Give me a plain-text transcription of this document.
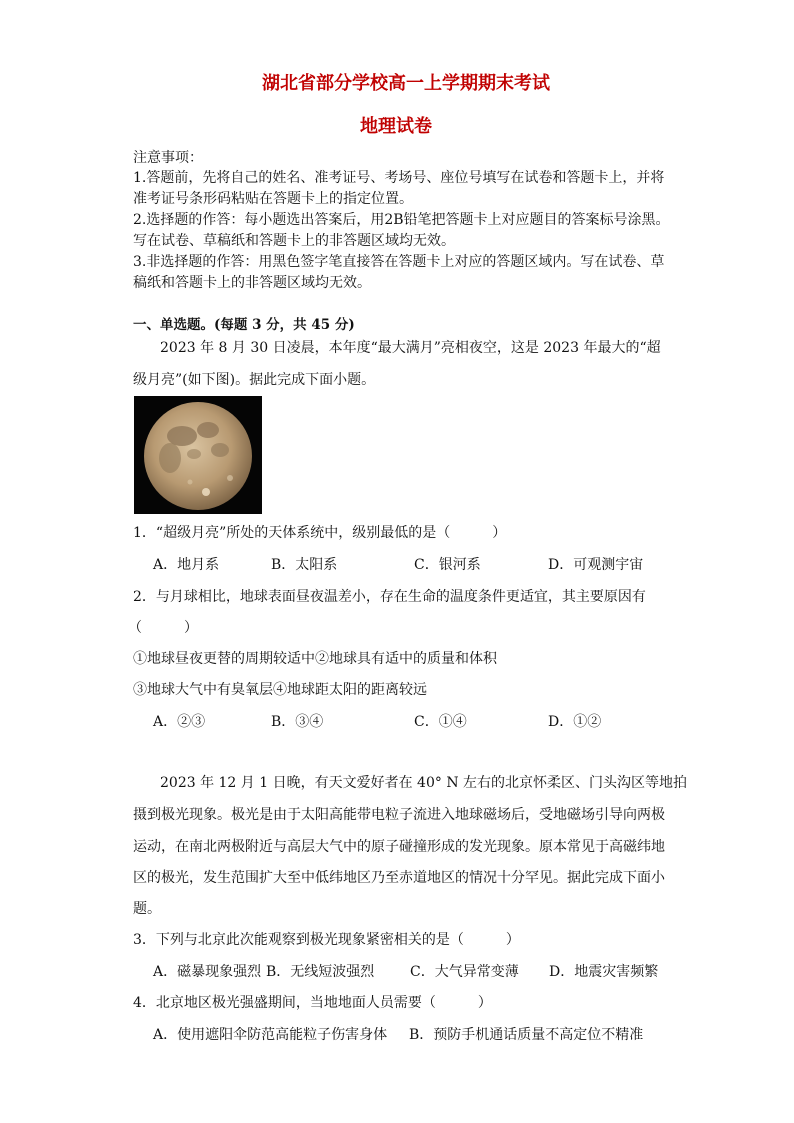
湖北省部分学校高一上学期期末考试
地理试卷
注意事项：
1.答题前，先将自己的姓名、准考证号、考场号、座位号填写在试卷和答题卡上，并将
准考证号条形码粘贴在答题卡上的指定位置。
2.选择题的作答：每小题选出答案后，用2B铅笔把答题卡上对应题目的答案标号涂黑。
写在试卷、草稿纸和答题卡上的非答题区域均无效。
3.非选择题的作答：用黑色签字笔直接答在答题卡上对应的答题区域内。写在试卷、草
稿纸和答题卡上的非答题区域均无效。
一、单选题。(每题 3 分，共 45 分)
2023 年 8 月 30 日凌晨，本年度“最大满月”亮相夜空，这是 2023 年最大的“超
级月亮”(如下图)。据此完成下面小题。
1．“超级月亮”所处的天体系统中，级别最低的是（　　　）
A．地月系	B．太阳系	C．银河系	D．可观测宇宙
2．与月球相比，地球表面昼夜温差小，存在生命的温度条件更适宜，其主要原因有
（　　　）
①地球昼夜更替的周期较适中②地球具有适中的质量和体积
③地球大气中有臭氧层④地球距太阳的距离较远
A．②③	B．③④	C．①④	D．①②
2023 年 12 月 1 日晚，有天文爱好者在 40° N 左右的北京怀柔区、门头沟区等地拍
摄到极光现象。极光是由于太阳高能带电粒子流进入地球磁场后，受地磁场引导向两极
运动，在南北两极附近与高层大气中的原子碰撞形成的发光现象。原本常见于高磁纬地
区的极光，发生范围扩大至中低纬地区乃至赤道地区的情况十分罕见。据此完成下面小
题。
3．下列与北京此次能观察到极光现象紧密相关的是（　　　）
A．磁暴现象强烈 B．无线短波强烈	C．大气异常变薄 D．地震灾害频繁
4．北京地区极光强盛期间，当地地面人员需要（　　　）
A．使用遮阳伞防范高能粒子伤害身体 B．预防手机通话质量不高定位不精准
